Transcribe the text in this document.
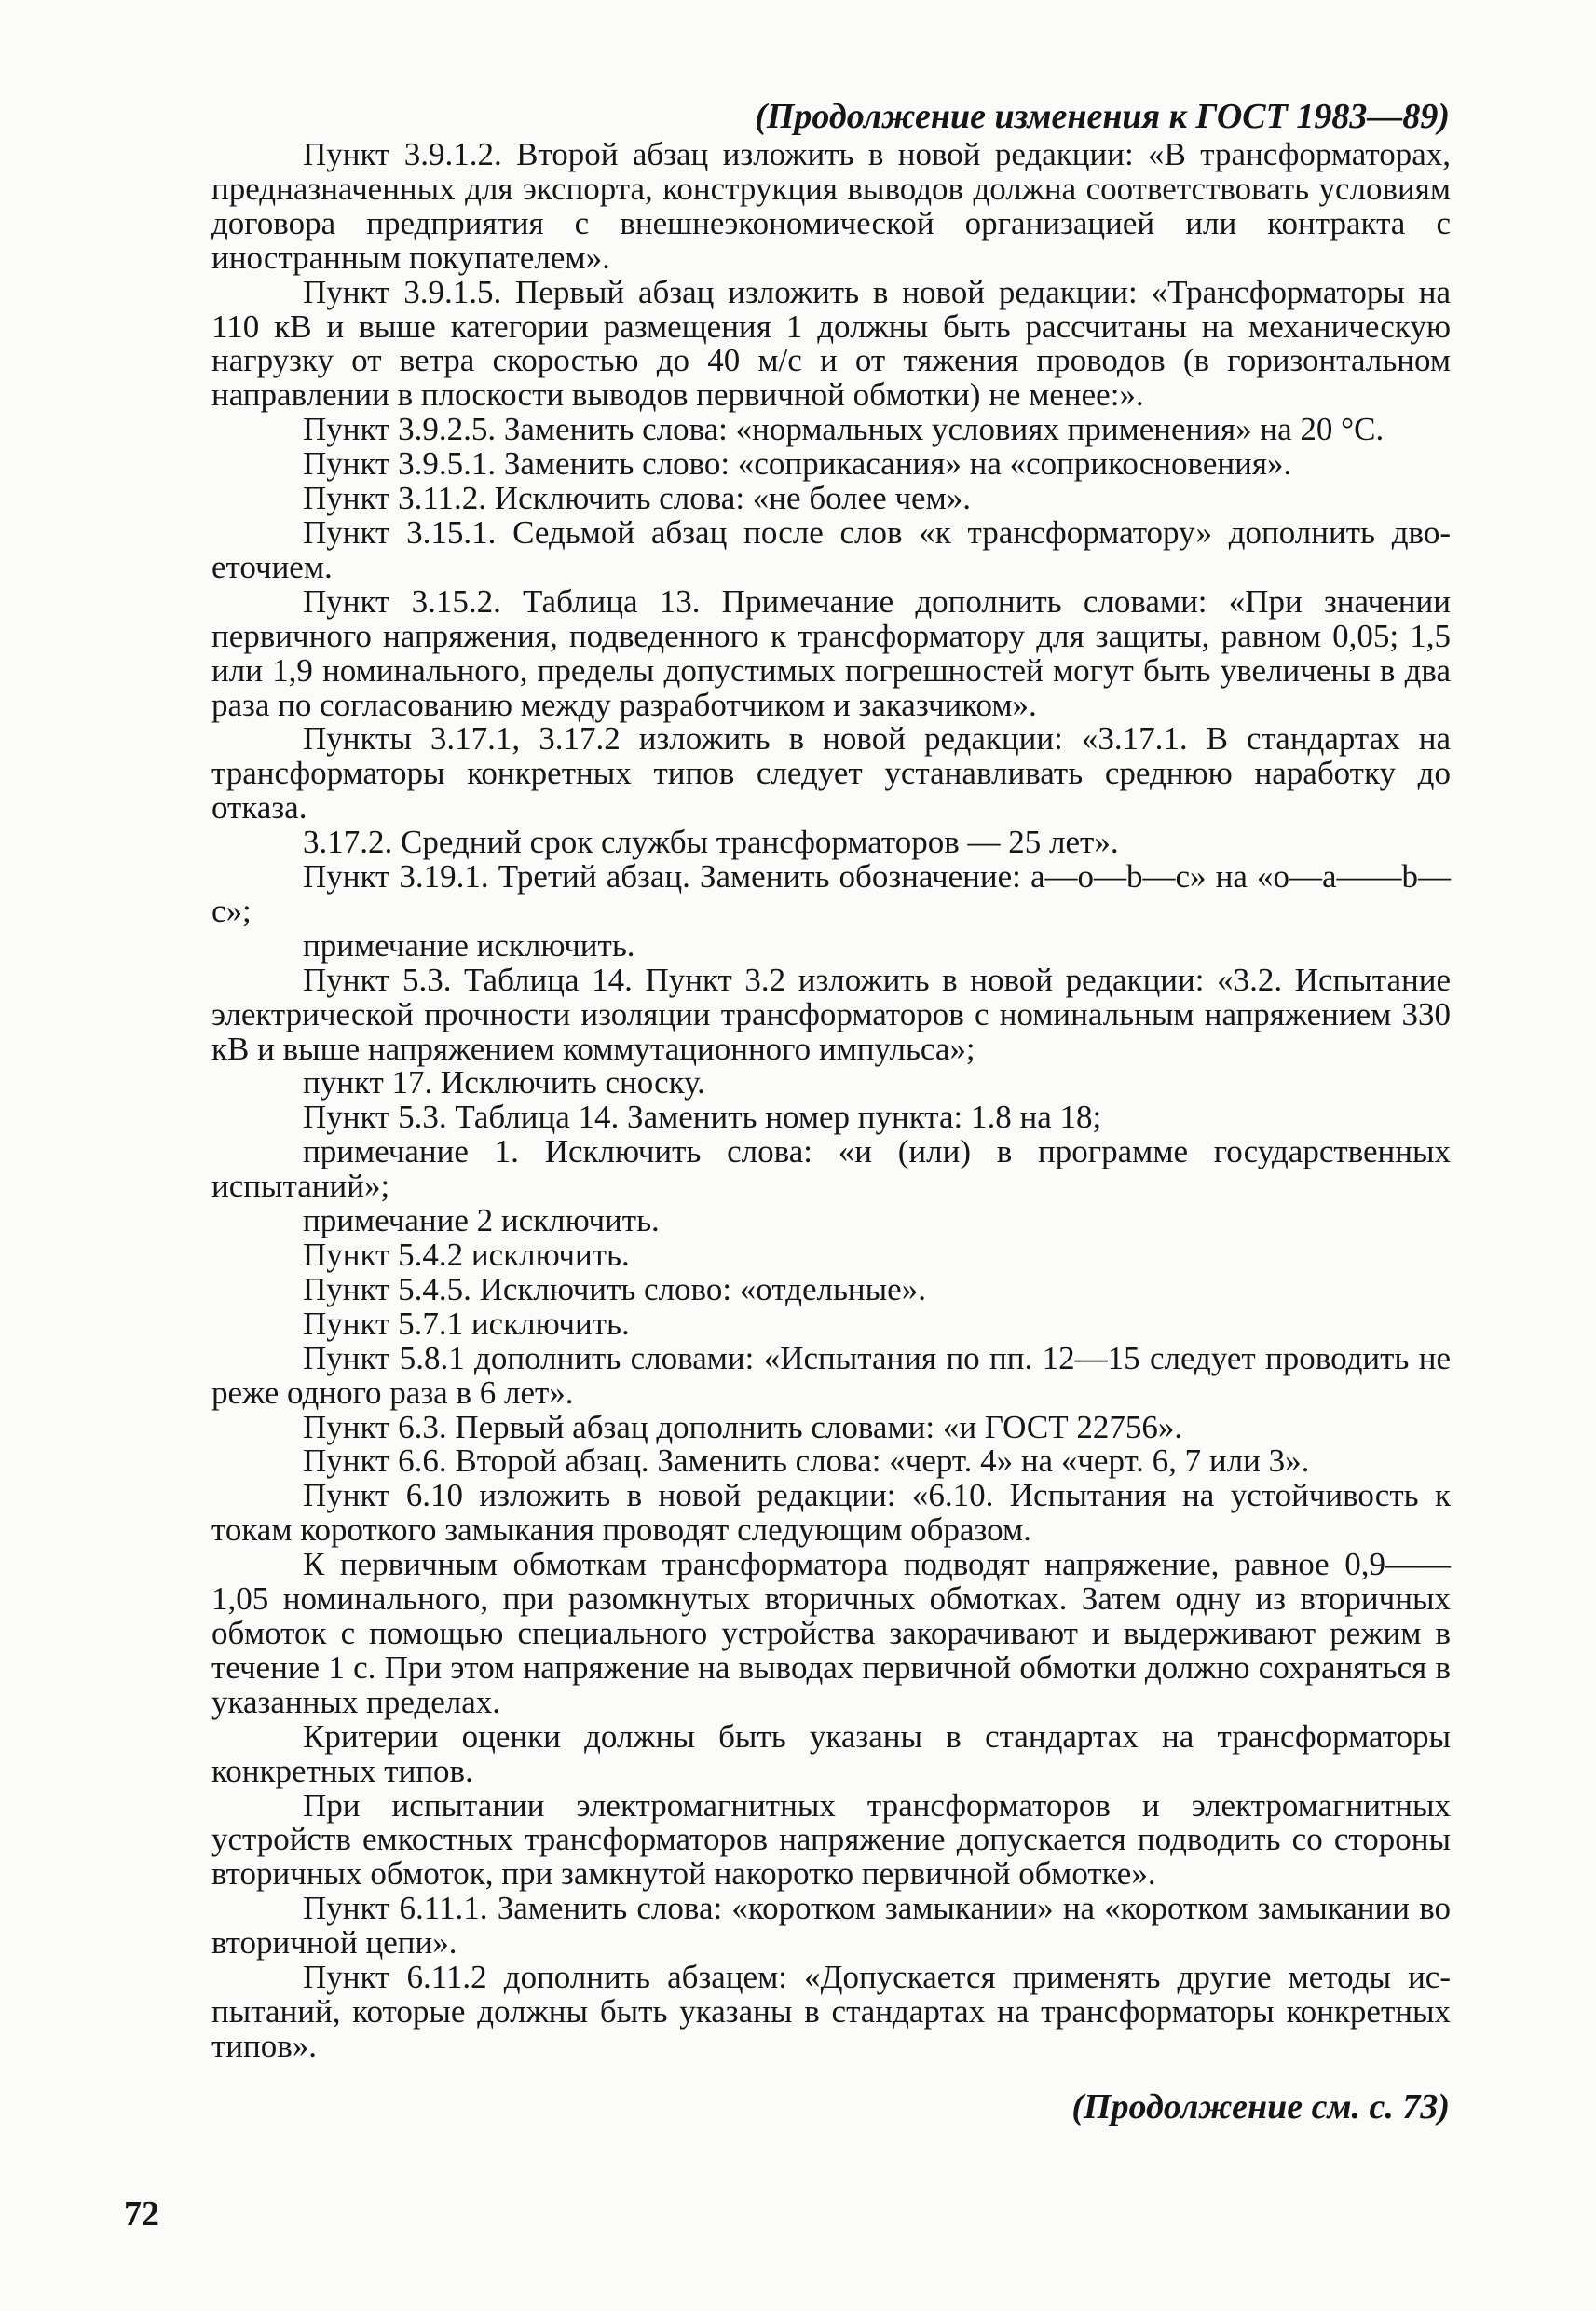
(Продолжение изменения к ГОСТ 1983—89)

Пункт 3.9.1.2. Второй абзац изложить в новой редакции: «В трансформаторах, предназначенных для экспорта, конструкция выводов должна соответствовать условиям договора предприятия с внешнеэкономической организацией или контракта с иностранным покупателем».

Пункт 3.9.1.5. Первый абзац изложить в новой редакции: «Трансформаторы на 110 кВ и выше категории размещения 1 должны быть рассчитаны на механическую нагрузку от ветра скоростью до 40 м/с и от тяжения проводов (в горизонтальном направлении в плоскости выводов первичной обмотки) не менее:».

Пункт 3.9.2.5. Заменить слова: «нормальных условиях применения» на 20 °С.

Пункт 3.9.5.1. Заменить слово: «соприкасания» на «соприкосновения».

Пункт 3.11.2. Исключить слова: «не более чем».

Пункт 3.15.1. Седьмой абзац после слов «к трансформатору» дополнить двоеточием.

Пункт 3.15.2. Таблица 13. Примечание дополнить словами: «При значении первичного напряжения, подведенного к трансформатору для защиты, равном 0,05; 1,5 или 1,9 номинального, пределы допустимых погрешностей могут быть увеличены в два раза по согласованию между разработчиком и заказчиком».

Пункты 3.17.1, 3.17.2 изложить в новой редакции: «3.17.1. В стандартах на трансформаторы конкретных типов следует устанавливать среднюю наработку до отказа.

3.17.2. Средний срок службы трансформаторов — 25 лет».

Пункт 3.19.1. Третий абзац. Заменить обозначение: а—о—b—с» на «о—а——b—с»;

примечание исключить.

Пункт 5.3. Таблица 14. Пункт 3.2 изложить в новой редакции: «3.2. Испытание электрической прочности изоляции трансформаторов с номинальным напряжением 330 кВ и выше напряжением коммутационного импульса»;

пункт 17. Исключить сноску.

Пункт 5.3. Таблица 14. Заменить номер пункта: 1.8 на 18;

примечание 1. Исключить слова: «и (или) в программе государственных испытаний»;

примечание 2 исключить.

Пункт 5.4.2 исключить.

Пункт 5.4.5. Исключить слово: «отдельные».

Пункт 5.7.1 исключить.

Пункт 5.8.1 дополнить словами: «Испытания по пп. 12—15 следует проводить не реже одного раза в 6 лет».

Пункт 6.3. Первый абзац дополнить словами: «и ГОСТ 22756».

Пункт 6.6. Второй абзац. Заменить слова: «черт. 4» на «черт. 6, 7 или 3».

Пункт 6.10 изложить в новой редакции: «6.10. Испытания на устойчивость к токам короткого замыкания проводят следующим образом.

К первичным обмоткам трансформатора подводят напряжение, равное 0,9——1,05 номинального, при разомкнутых вторичных обмотках. Затем одну из вторичных обмоток с помощью специального устройства закорачивают и выдерживают режим в течение 1 с. При этом напряжение на выводах первичной обмотки должно сохраняться в указанных пределах.

Критерии оценки должны быть указаны в стандартах на трансформаторы конкретных типов.

При испытании электромагнитных трансформаторов и электромагнитных устройств емкостных трансформаторов напряжение допускается подводить со стороны вторичных обмоток, при замкнутой накоротко первичной обмотке».

Пункт 6.11.1. Заменить слова: «коротком замыкании» на «коротком замыкании во вторичной цепи».

Пункт 6.11.2 дополнить абзацем: «Допускается применять другие методы испытаний, которые должны быть указаны в стандартах на трансформаторы конкретных типов».

(Продолжение см. с. 73)
72
